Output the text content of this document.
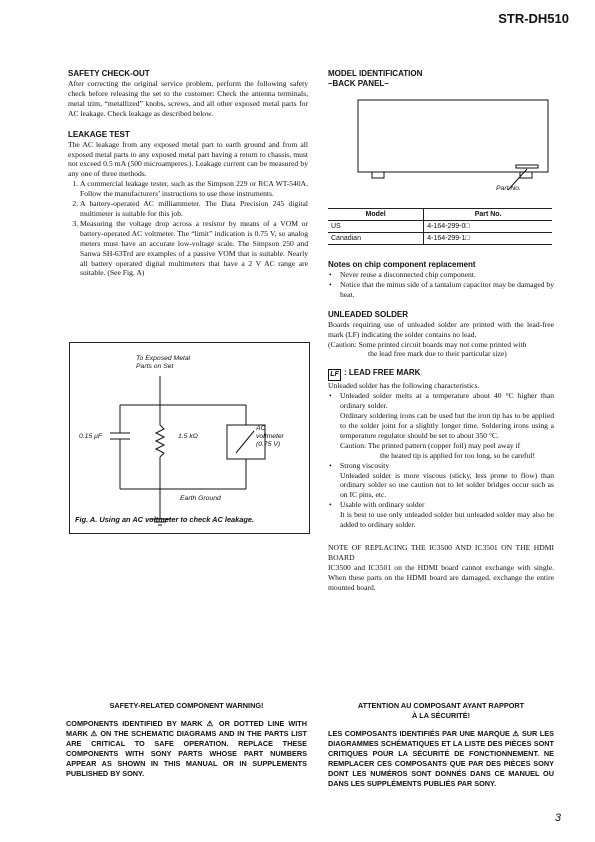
STR-DH510
SAFETY CHECK-OUT
After correcting the original service problem, perform the following safety check before releasing the set to the customer: Check the antenna terminals, metal trim, “metallized” knobs, screws, and all other exposed metal parts for AC leakage. Check leakage as described below.
LEAKAGE TEST
The AC leakage from any exposed metal part to earth ground and from all exposed metal parts to any exposed metal part having a return to chassis, must not exceed 0.5 mA (500 microamperes.). Leakage current can be measured by any one of three methods.
1. A commercial leakage tester, such as the Simpson 229 or RCA WT-540A. Follow the manufacturers’ instructions to use these instruments.
2. A battery-operated AC milliammeter. The Data Precision 245 digital multimeter is suitable for this job.
3. Measuring the voltage drop across a resistor by means of a VOM or battery-operated AC voltmeter. The “limit” indication is 0.75 V, so analog meters must have an accurate low-voltage scale. The Simpson 250 and Sanwa SH-63Trd are examples of a passive VOM that is suitable. Nearly all battery operated digital multimeters that have a 2 V AC range are suitable. (See Fig. A)
To Exposed Metal
Parts on Set
0.15 μF	1.5 kΩ
AC
voltmeter
(0.75 V)
Earth Ground
Fig. A. Using an AC voltmeter to check AC leakage.
MODEL IDENTIFICATION
–BACK PANEL–
Part No.
Model	Part No.
US	4-164-299-0□
Canadian	4-164-299-1□
Notes on chip component replacement
• Never reuse a disconnected chip component.
• Notice that the minus side of a tantalum capacitor may be damaged by heat.
UNLEADED SOLDER
Boards requiring use of unleaded solder are printed with the lead-free mark (LF) indicating the solder contains no lead.
(Caution: Some printed circuit boards may not come printed with
the lead free mark due to their particular size)
LF : LEAD FREE MARK
Unleaded solder has the following characteristics.
• Unleaded solder melts at a temperature about 40 °C higher than ordinary solder.
Ordinary soldering irons can be used but the iron tip has to be applied to the solder joint for a slightly longer time. Soldering irons using a temperature regulator should be set to about 350 °C.
Caution: The printed pattern (copper foil) may peel away if
the heated tip is applied for too long, so be careful!
• Strong viscosity
Unleaded solder is more viscous (sticky, less prone to flow) than ordinary solder so use caution not to let solder bridges occur such as on IC pins, etc.
• Usable with ordinary solder
It is best to use only unleaded solder but unleaded solder may also be added to ordinary solder.
NOTE OF REPLACING THE IC3500 AND IC3501 ON THE HDMI BOARD
IC3500 and IC3501 on the HDMI board cannot exchange with single. When these parts on the HDMI board are damaged, exchange the entire mounted board.
SAFETY-RELATED COMPONENT WARNING!
COMPONENTS IDENTIFIED BY MARK ⚠ OR DOTTED LINE WITH MARK ⚠ ON THE SCHEMATIC DIAGRAMS AND IN THE PARTS LIST ARE CRITICAL TO SAFE OPERATION. REPLACE THESE COMPONENTS WITH SONY PARTS WHOSE PART NUMBERS APPEAR AS SHOWN IN THIS MANUAL OR IN SUPPLEMENTS PUBLISHED BY SONY.
ATTENTION AU COMPOSANT AYANT RAPPORT
À LA SÉCURITÉ!
LES COMPOSANTS IDENTIFIÉS PAR UNE MARQUE ⚠ SUR LES DIAGRAMMES SCHÉMATIQUES ET LA LISTE DES PIÈCES SONT CRITIQUES POUR LA SÉCURITÉ DE FONCTIONNEMENT. NE REMPLACER CES COMPOSANTS QUE PAR DES PIÈCES SONY DONT LES NUMÉROS SONT DONNÉS DANS CE MANUEL OU DANS LES SUPPLÉMENTS PUBLIÉS PAR SONY.
3
